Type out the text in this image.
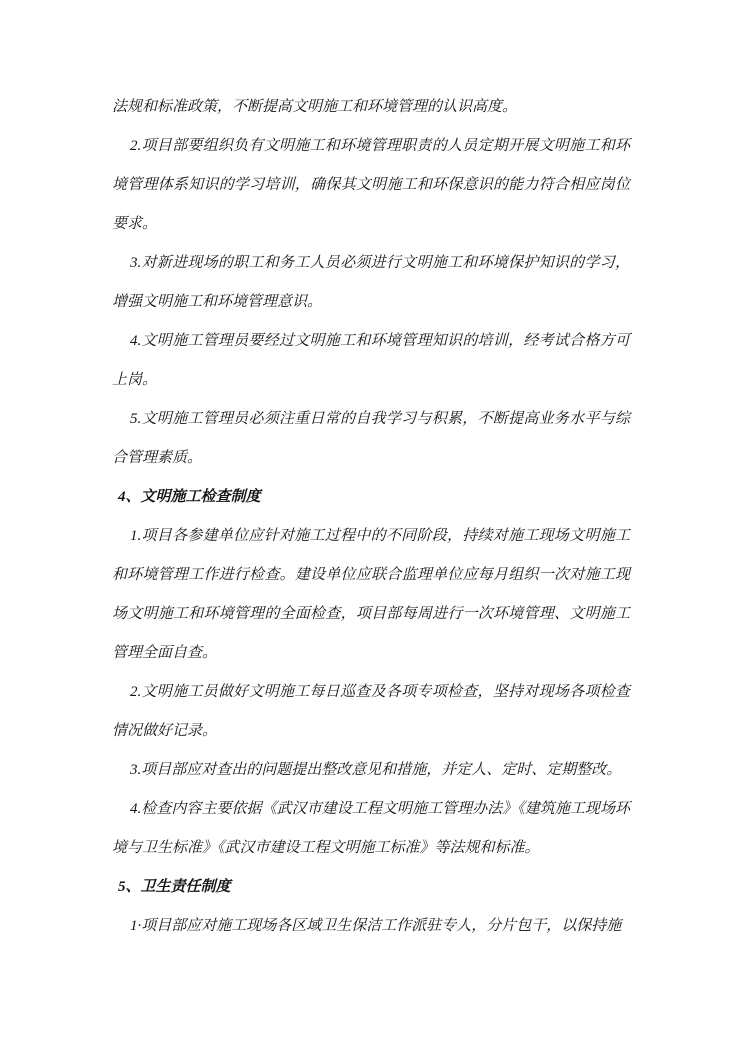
法规和标准政策，不断提高文明施工和环境管理的认识高度。

2.项目部要组织负有文明施工和环境管理职责的人员定期开展文明施工和环境管理体系知识的学习培训，确保其文明施工和环保意识的能力符合相应岗位要求。

3.对新进现场的职工和务工人员必须进行文明施工和环境保护知识的学习，增强文明施工和环境管理意识。

4.文明施工管理员要经过文明施工和环境管理知识的培训，经考试合格方可上岗。

5.文明施工管理员必须注重日常的自我学习与积累，不断提高业务水平与综合管理素质。

4、文明施工检查制度

1.项目各参建单位应针对施工过程中的不同阶段，持续对施工现场文明施工和环境管理工作进行检查。建设单位应联合监理单位应每月组织一次对施工现场文明施工和环境管理的全面检查，项目部每周进行一次环境管理、文明施工管理全面自查。

2.文明施工员做好文明施工每日巡查及各项专项检查，坚持对现场各项检查情况做好记录。

3.项目部应对查出的问题提出整改意见和措施，并定人、定时、定期整改。

4.检查内容主要依据《武汉市建设工程文明施工管理办法》《建筑施工现场环境与卫生标准》《武汉市建设工程文明施工标准》等法规和标准。

5、卫生责任制度

1·项目部应对施工现场各区域卫生保洁工作派驻专人，分片包干，以保持施
